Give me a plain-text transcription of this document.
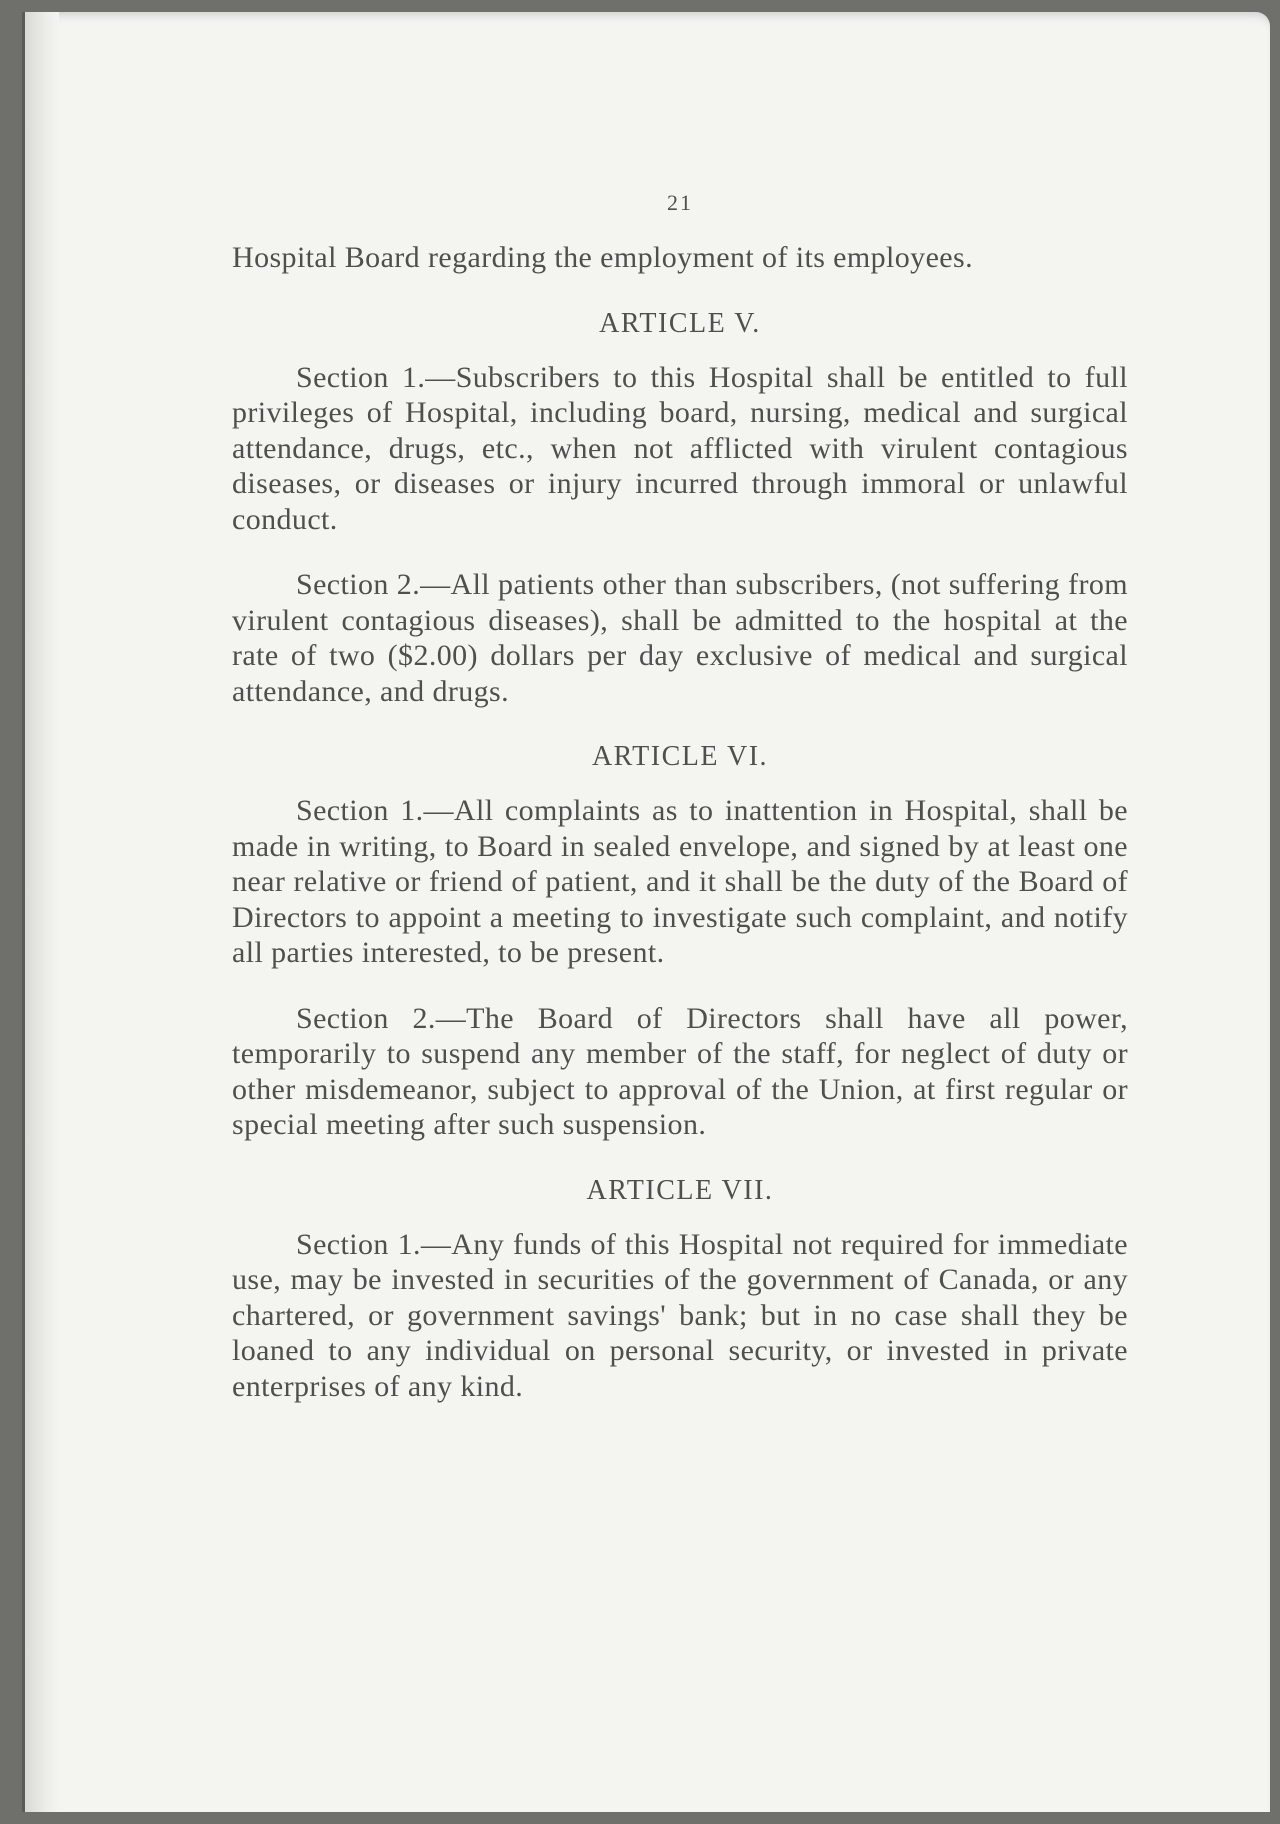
21

Hospital Board regarding the employment of its employees.

ARTICLE V.

Section 1.—Subscribers to this Hospital shall be entitled to full privileges of Hospital, including board, nursing, medical and surgical attendance, drugs, etc., when not afflicted with virulent contagious diseases, or diseases or injury incurred through immoral or unlawful conduct.

Section 2.—All patients other than subscribers, (not suffering from virulent contagious diseases), shall be admitted to the hospital at the rate of two ($2.00) dollars per day exclusive of medical and surgical attendance, and drugs.

ARTICLE VI.

Section 1.—All complaints as to inattention in Hospital, shall be made in writing, to Board in sealed envelope, and signed by at least one near relative or friend of patient, and it shall be the duty of the Board of Directors to appoint a meeting to investigate such complaint, and notify all parties interested, to be present.

Section 2.—The Board of Directors shall have all power, temporarily to suspend any member of the staff, for neglect of duty or other misdemeanor, subject to approval of the Union, at first regular or special meeting after such suspension.

ARTICLE VII.

Section 1.—Any funds of this Hospital not required for immediate use, may be invested in securities of the government of Canada, or any chartered, or government savings' bank; but in no case shall they be loaned to any individual on personal security, or invested in private enterprises of any kind.
